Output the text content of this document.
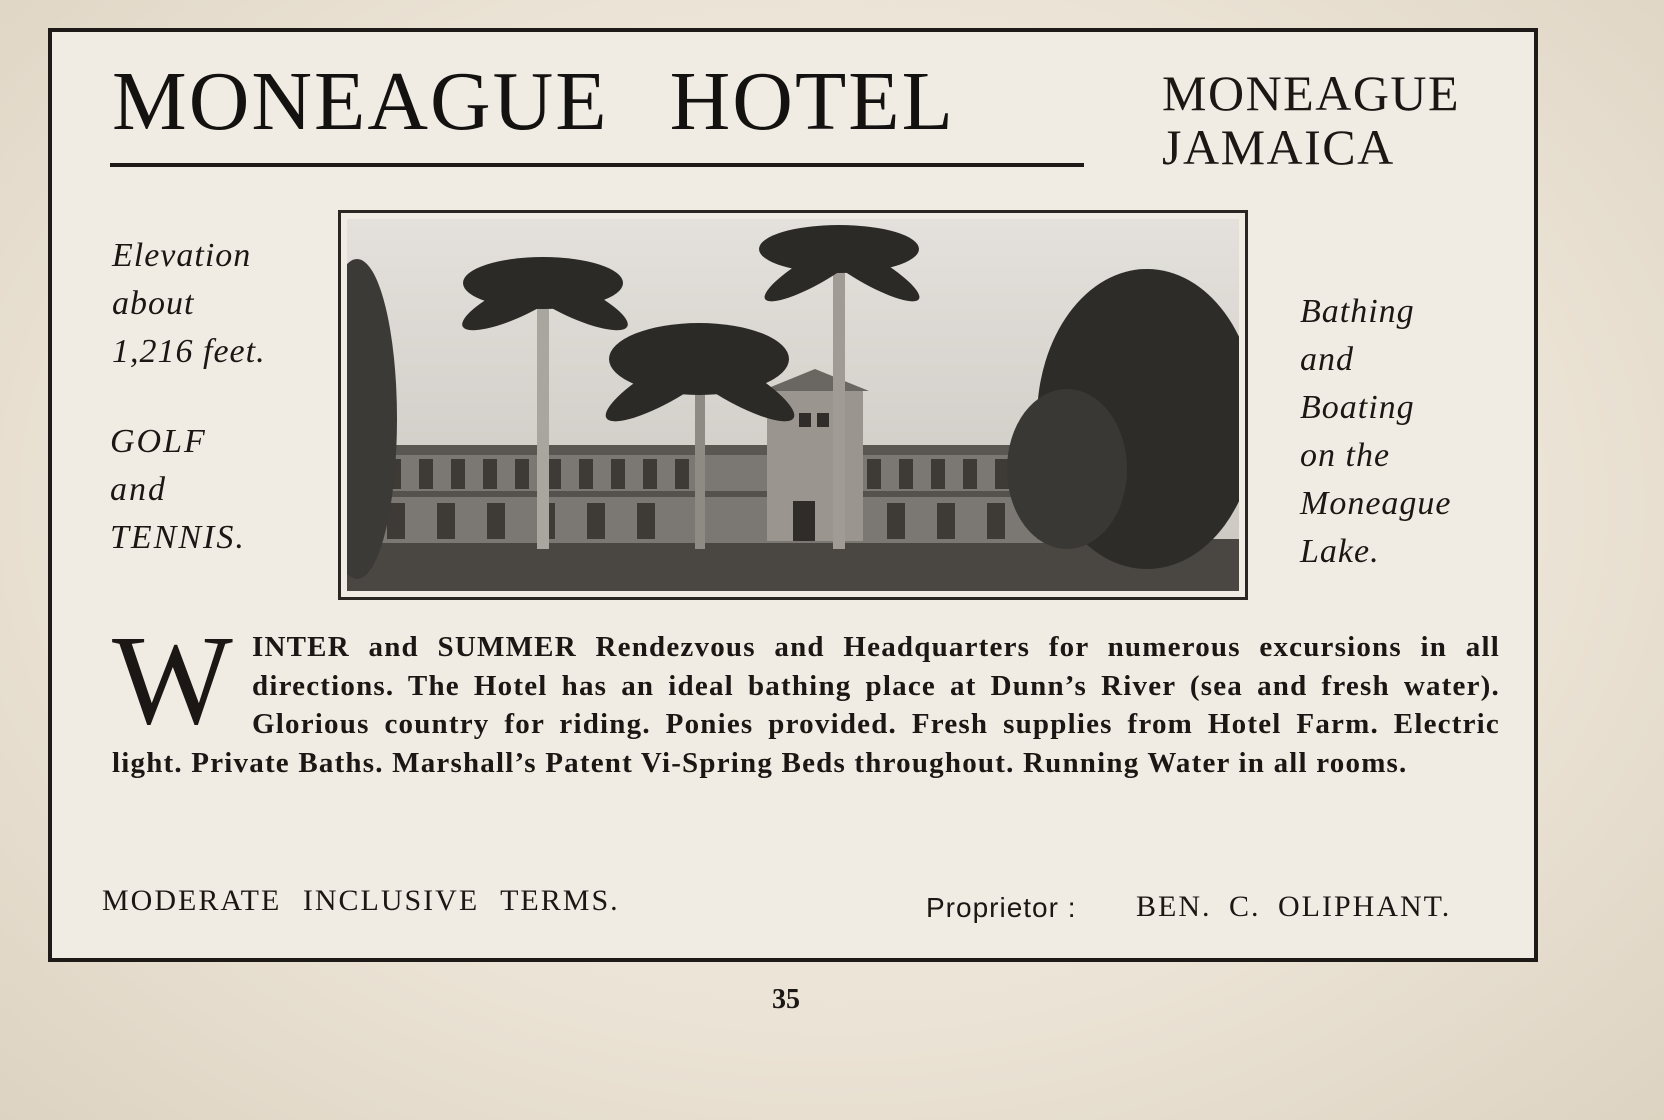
MONEAGUE HOTEL	MONEAGUE
JAMAICA
Elevation
about
1,216 feet.
GOLF
and
TENNIS.
Bathing
and
Boating
on the
Moneague
Lake.
W INTER and SUMMER Rendezvous and Headquarters for numerous excursions in all directions. The Hotel has an ideal bathing place at Dunn’s River (sea and fresh water). Glorious country for riding. Ponies provided. Fresh supplies from Hotel Farm. Electric light. Private Baths. Marshall’s Patent Vi-Spring Beds throughout. Running Water in all rooms.
MODERATE INCLUSIVE TERMS.	Proprietor : BEN. C. OLIPHANT.
35
